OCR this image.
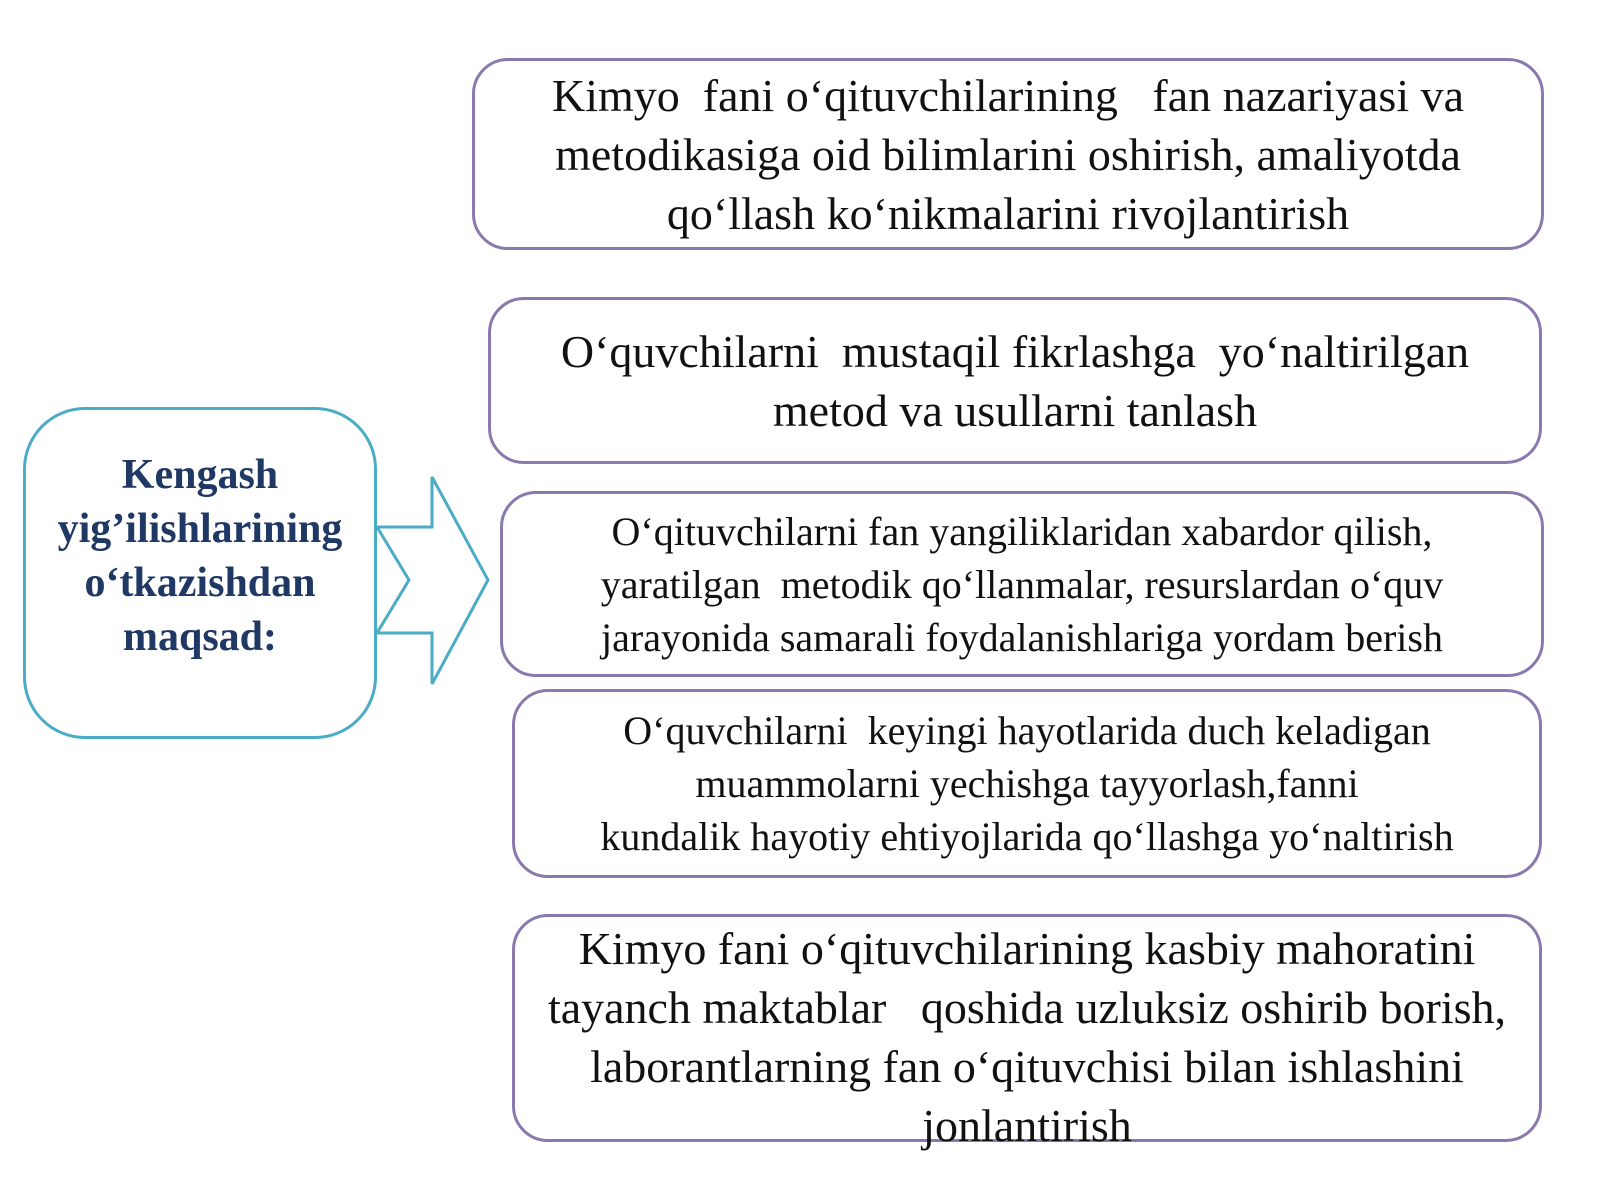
Kengash
yig’ilishlarining
o‘tkazishdan
maqsad:
Kimyo  fani o‘qituvchilarining   fan nazariyasi va
metodikasiga oid bilimlarini oshirish, amaliyotda
qo‘llash ko‘nikmalarini rivojlantirish
O‘quvchilarni  mustaqil fikrlashga  yo‘naltirilgan
metod va usullarni tanlash
O‘qituvchilarni fan yangiliklaridan xabardor qilish,
yaratilgan  metodik qo‘llanmalar, resurslardan o‘quv
jarayonida samarali foydalanishlariga yordam berish
O‘quvchilarni  keyingi hayotlarida duch keladigan
muammolarni yechishga tayyorlash,fanni
kundalik hayotiy ehtiyojlarida qo‘llashga yo‘naltirish
Kimyo fani o‘qituvchilarining kasbiy mahoratini
tayanch maktablar   qoshida uzluksiz oshirib borish,
laborantlarning fan o‘qituvchisi bilan ishlashini
jonlantirish
